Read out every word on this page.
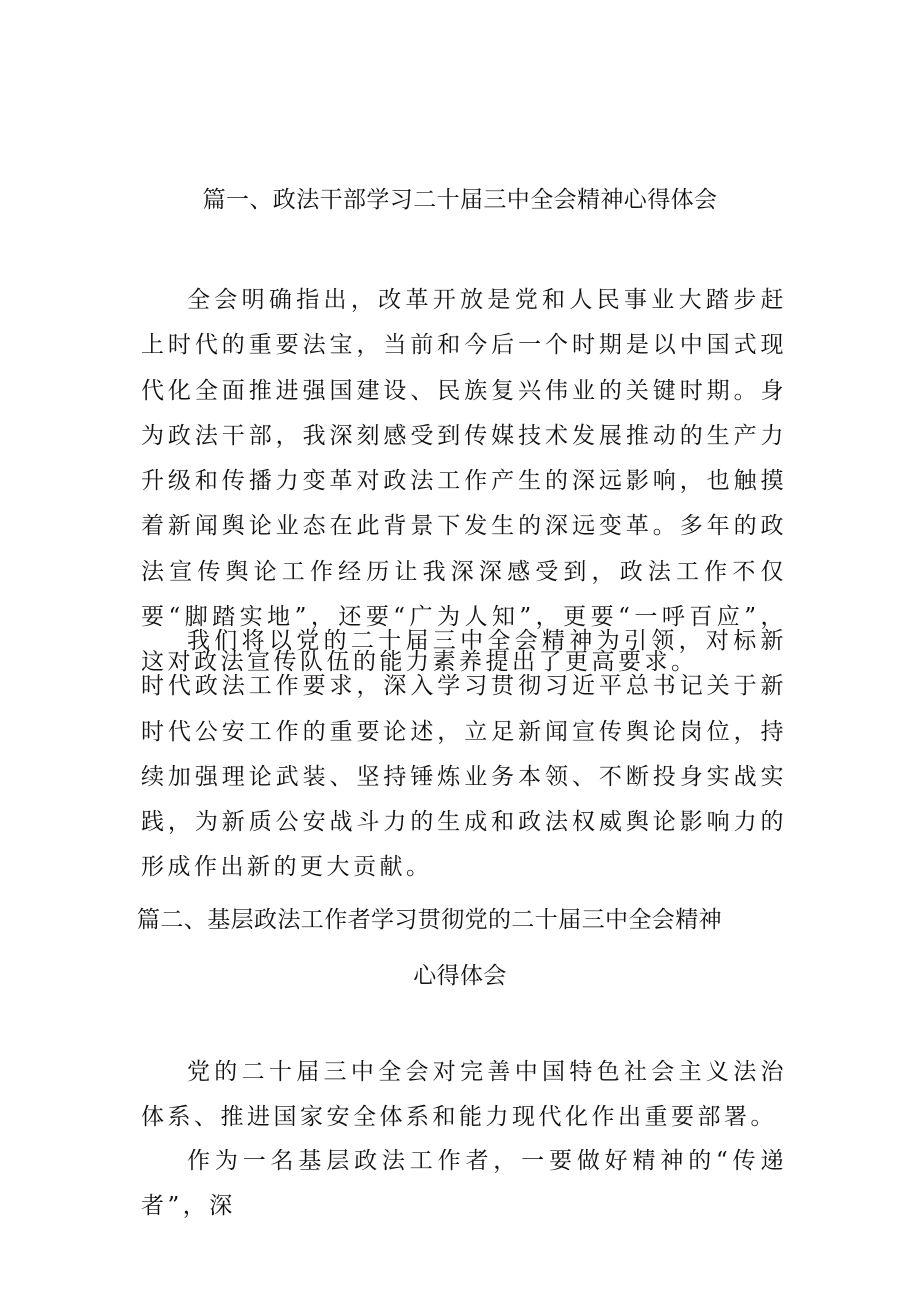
篇一、政法干部学习二十届三中全会精神心得体会

全会明确指出，改革开放是党和人民事业大踏步赶上时代的重要法宝，当前和今后一个时期是以中国式现代化全面推进强国建设、民族复兴伟业的关键时期。身为政法干部，我深刻感受到传媒技术发展推动的生产力升级和传播力变革对政法工作产生的深远影响，也触摸着新闻舆论业态在此背景下发生的深远变革。多年的政法宣传舆论工作经历让我深深感受到，政法工作不仅要“脚踏实地”，还要“广为人知”，更要“一呼百应”，这对政法宣传队伍的能力素养提出了更高要求。

我们将以党的二十届三中全会精神为引领，对标新时代政法工作要求，深入学习贯彻习近平总书记关于新时代公安工作的重要论述，立足新闻宣传舆论岗位，持续加强理论武装、坚持锤炼业务本领、不断投身实战实践，为新质公安战斗力的生成和政法权威舆论影响力的形成作出新的更大贡献。

篇二、基层政法工作者学习贯彻党的二十届三中全会精神
心得体会

党的二十届三中全会对完善中国特色社会主义法治体系、推进国家安全体系和能力现代化作出重要部署。

作为一名基层政法工作者，一要做好精神的“传递者”，深
